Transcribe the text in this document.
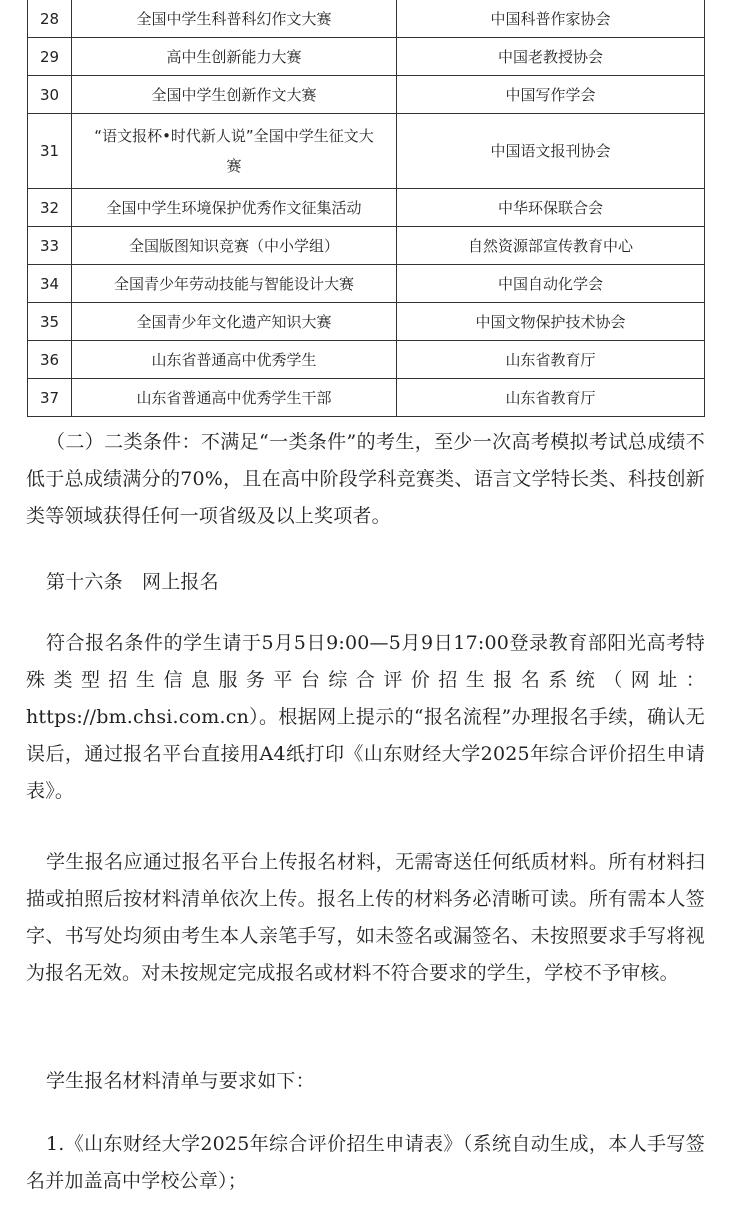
28	全国中学生科普科幻作文大赛	中国科普作家协会
29	高中生创新能力大赛	中国老教授协会
30	全国中学生创新作文大赛	中国写作学会
31	“语文报杯•时代新人说”全国中学生征文大赛	中国语文报刊协会
32	全国中学生环境保护优秀作文征集活动	中华环保联合会
33	全国版图知识竞赛（中小学组）	自然资源部宣传教育中心
34	全国青少年劳动技能与智能设计大赛	中国自动化学会
35	全国青少年文化遗产知识大赛	中国文物保护技术协会
36	山东省普通高中优秀学生	山东省教育厅
37	山东省普通高中优秀学生干部	山东省教育厅

（二）二类条件：不满足“一类条件”的考生，至少一次高考模拟考试总成绩不低于总成绩满分的70%，且在高中阶段学科竞赛类、语言文学特长类、科技创新类等领域获得任何一项省级及以上奖项者。

第十六条　网上报名

符合报名条件的学生请于5月5日9:00—5月9日17:00登录教育部阳光高考特殊类型招生信息服务平台综合评价招生报名系统（网址：https://bm.chsi.com.cn）。根据网上提示的“报名流程”办理报名手续，确认无误后，通过报名平台直接用A4纸打印《山东财经大学2025年综合评价招生申请表》。

学生报名应通过报名平台上传报名材料，无需寄送任何纸质材料。所有材料扫描或拍照后按材料清单依次上传。报名上传的材料务必清晰可读。所有需本人签字、书写处均须由考生本人亲笔手写，如未签名或漏签名、未按照要求手写将视为报名无效。对未按规定完成报名或材料不符合要求的学生，学校不予审核。

学生报名材料清单与要求如下：

1.《山东财经大学2025年综合评价招生申请表》（系统自动生成，本人手写签名并加盖高中学校公章）；
